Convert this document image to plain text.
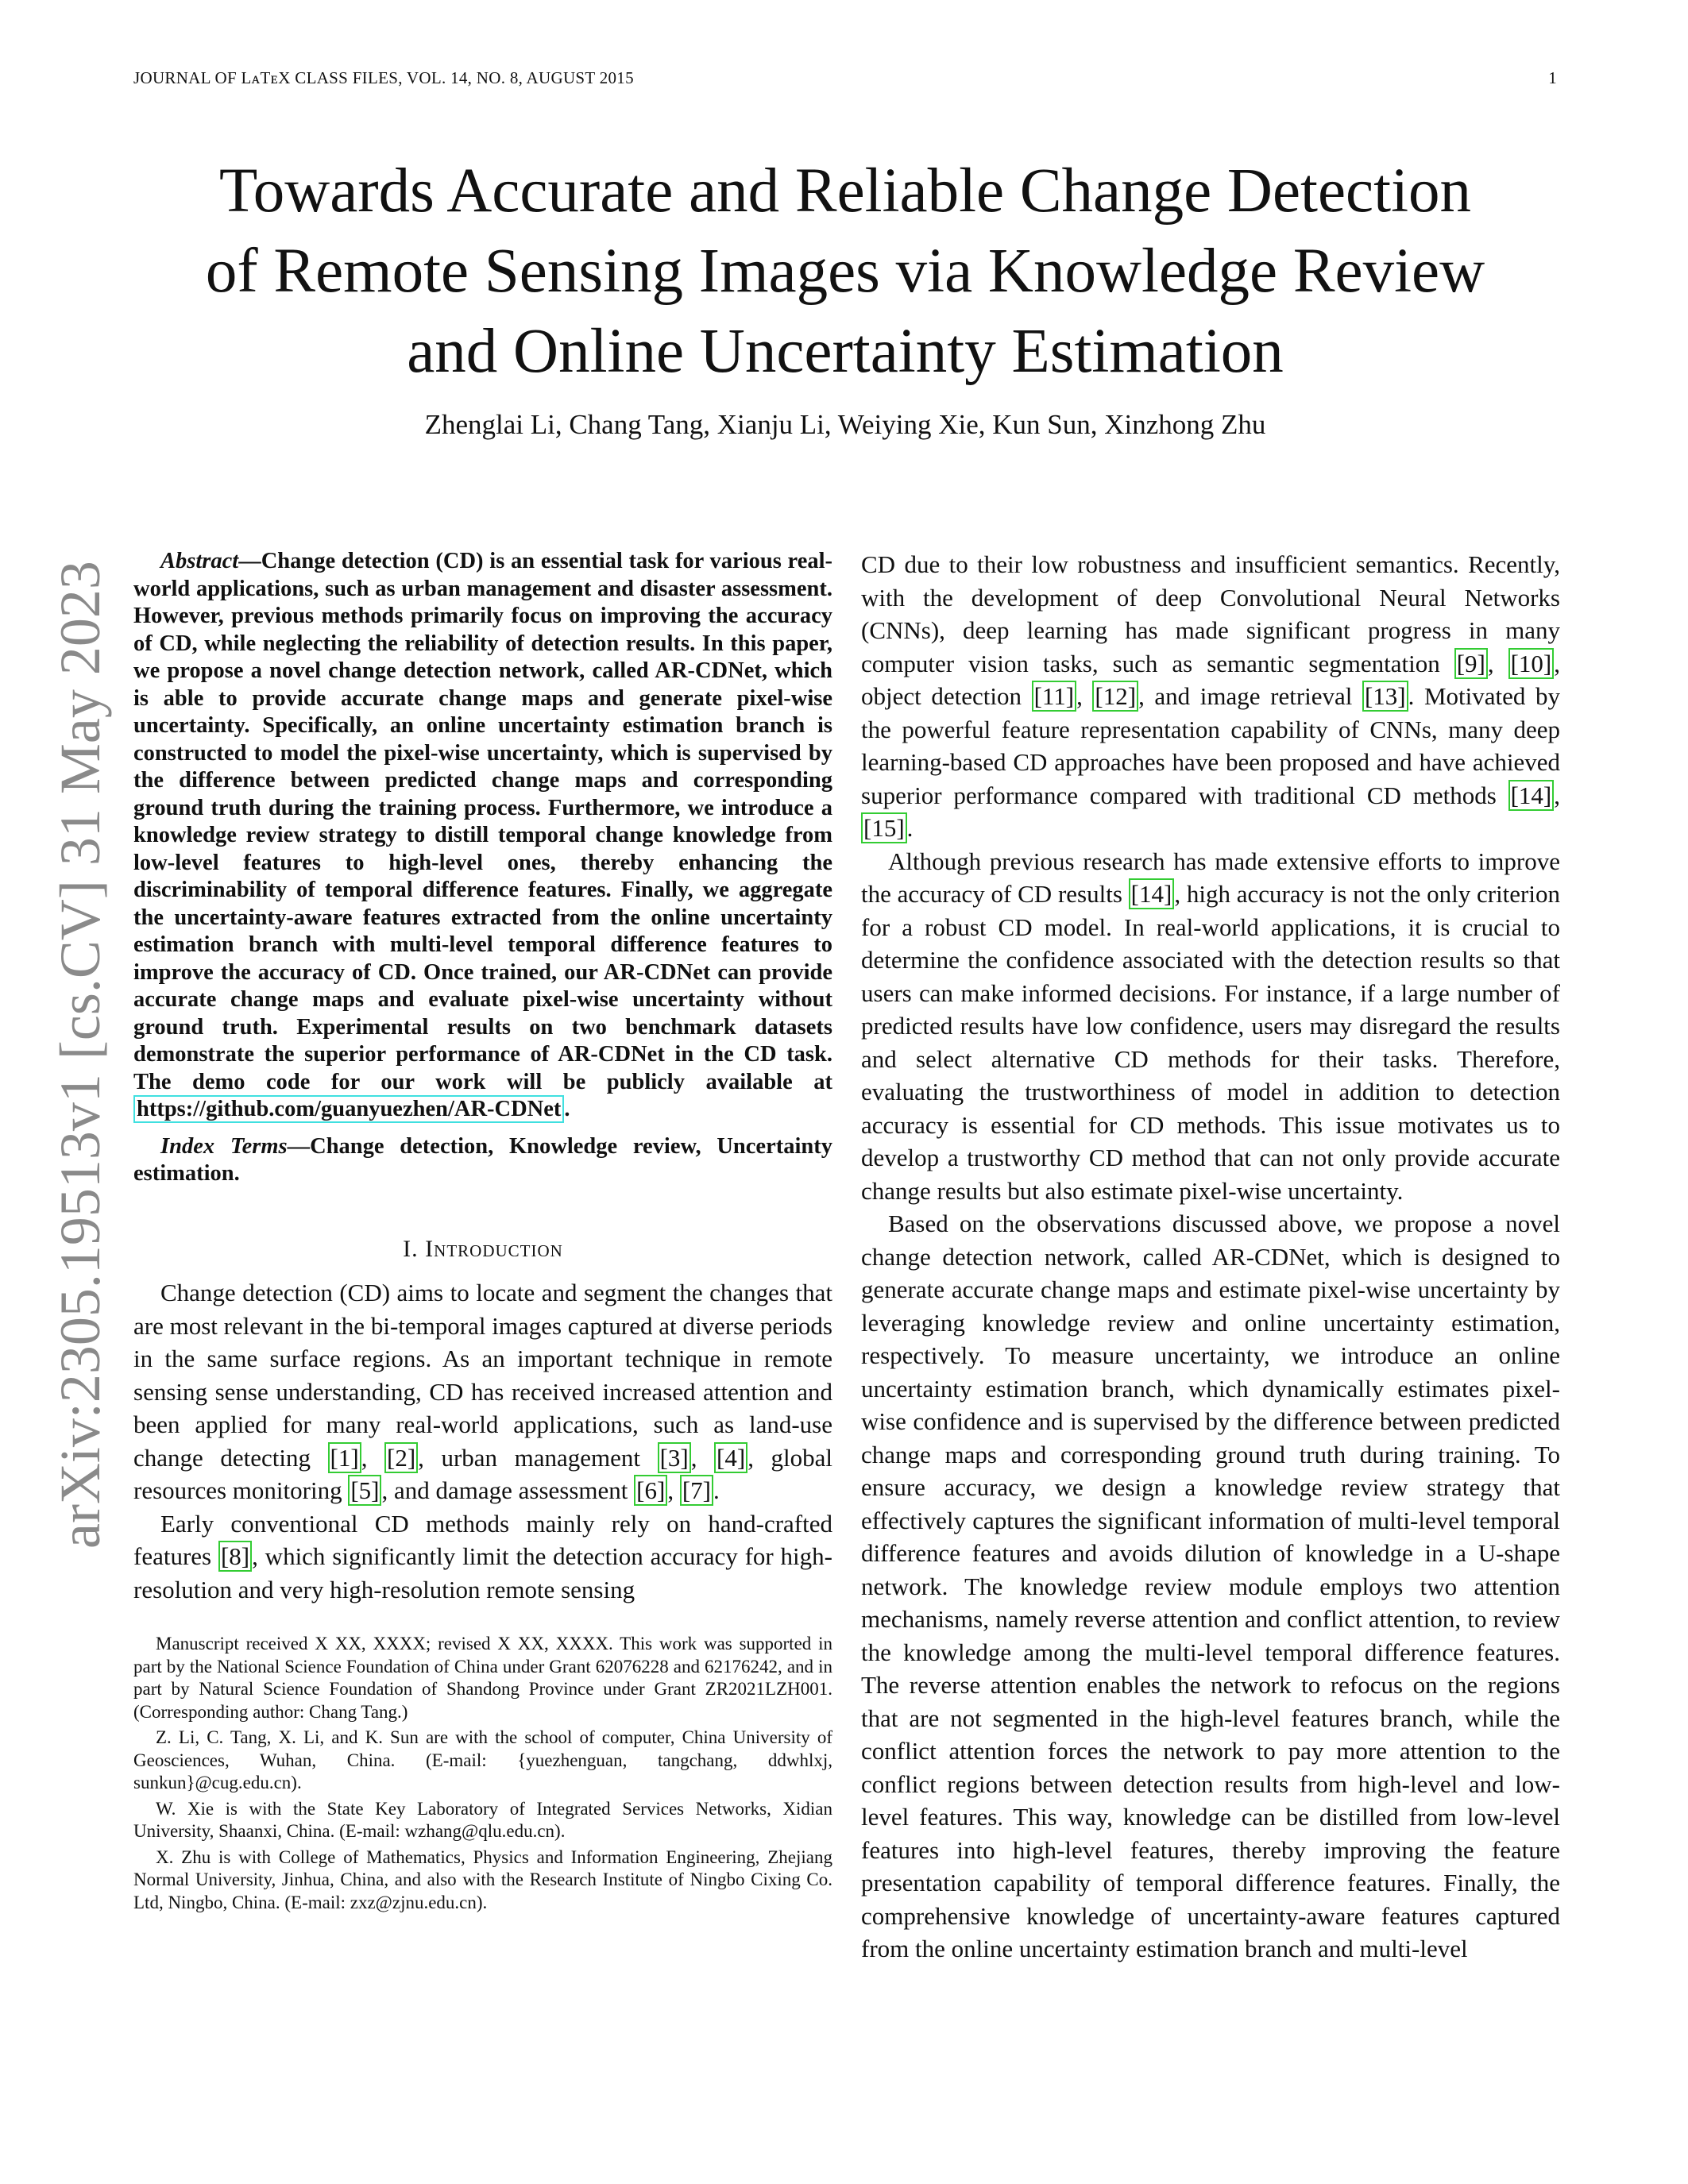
JOURNAL OF LᴀTᴇX CLASS FILES, VOL. 14, NO. 8, AUGUST 2015	1
arXiv:2305.19513v1 [cs.CV] 31 May 2023
Towards Accurate and Reliable Change Detection
of Remote Sensing Images via Knowledge Review
and Online Uncertainty Estimation
Zhenglai Li, Chang Tang, Xianju Li, Weiying Xie, Kun Sun, Xinzhong Zhu
Abstract—Change detection (CD) is an essential task for various real-world applications, such as urban management and disaster assessment. However, previous methods primarily focus on improving the accuracy of CD, while neglecting the reliability of detection results. In this paper, we propose a novel change detection network, called AR-CDNet, which is able to provide accurate change maps and generate pixel-wise uncertainty. Specifically, an online uncertainty estimation branch is constructed to model the pixel-wise uncertainty, which is supervised by the difference between predicted change maps and corresponding ground truth during the training process. Furthermore, we introduce a knowledge review strategy to distill temporal change knowledge from low-level features to high-level ones, thereby enhancing the discriminability of temporal difference features. Finally, we aggregate the uncertainty-aware features extracted from the online uncertainty estimation branch with multi-level temporal difference features to improve the accuracy of CD. Once trained, our AR-CDNet can provide accurate change maps and evaluate pixel-wise uncertainty without ground truth. Experimental results on two benchmark datasets demonstrate the superior performance of AR-CDNet in the CD task. The demo code for our work will be publicly available at https://github.com/guanyuezhen/AR-CDNet .
Index Terms—Change detection, Knowledge review, Uncertainty estimation.
I. Introduction

Change detection (CD) aims to locate and segment the changes that are most relevant in the bi-temporal images captured at diverse periods in the same surface regions. As an important technique in remote sensing sense understanding, CD has received increased attention and been applied for many real-world applications, such as land-use change detecting [1], [2], urban management [3], [4], global resources monitoring [5], and damage assessment [6], [7].

Early conventional CD methods mainly rely on hand-crafted features [8], which significantly limit the detection accuracy for high-resolution and very high-resolution remote sensing

Manuscript received X XX, XXXX; revised X XX, XXXX. This work was supported in part by the National Science Foundation of China under Grant 62076228 and 62176242, and in part by Natural Science Foundation of Shandong Province under Grant ZR2021LZH001. (Corresponding author: Chang Tang.)

Z. Li, C. Tang, X. Li, and K. Sun are with the school of computer, China University of Geosciences, Wuhan, China. (E-mail: {yuezhenguan, tangchang, ddwhlxj, sunkun}@cug.edu.cn).

W. Xie is with the State Key Laboratory of Integrated Services Networks, Xidian University, Shaanxi, China. (E-mail: wzhang@qlu.edu.cn).

X. Zhu is with College of Mathematics, Physics and Information Engineering, Zhejiang Normal University, Jinhua, China, and also with the Research Institute of Ningbo Cixing Co. Ltd, Ningbo, China. (E-mail: zxz@zjnu.edu.cn).

CD due to their low robustness and insufficient semantics. Recently, with the development of deep Convolutional Neural Networks (CNNs), deep learning has made significant progress in many computer vision tasks, such as semantic segmentation [9], [10], object detection [11], [12], and image retrieval [13]. Motivated by the powerful feature representation capability of CNNs, many deep learning-based CD approaches have been proposed and have achieved superior performance compared with traditional CD methods [14], [15].

Although previous research has made extensive efforts to improve the accuracy of CD results [14], high accuracy is not the only criterion for a robust CD model. In real-world applications, it is crucial to determine the confidence associated with the detection results so that users can make informed decisions. For instance, if a large number of predicted results have low confidence, users may disregard the results and select alternative CD methods for their tasks. Therefore, evaluating the trustworthiness of model in addition to detection accuracy is essential for CD methods. This issue motivates us to develop a trustworthy CD method that can not only provide accurate change results but also estimate pixel-wise uncertainty.

Based on the observations discussed above, we propose a novel change detection network, called AR-CDNet, which is designed to generate accurate change maps and estimate pixel-wise uncertainty by leveraging knowledge review and online uncertainty estimation, respectively. To measure uncertainty, we introduce an online uncertainty estimation branch, which dynamically estimates pixel-wise confidence and is supervised by the difference between predicted change maps and corresponding ground truth during training. To ensure accuracy, we design a knowledge review strategy that effectively captures the significant information of multi-level temporal difference features and avoids dilution of knowledge in a U-shape network. The knowledge review module employs two attention mechanisms, namely reverse attention and conflict attention, to review the knowledge among the multi-level temporal difference features. The reverse attention enables the network to refocus on the regions that are not segmented in the high-level features branch, while the conflict attention forces the network to pay more attention to the conflict regions between detection results from high-level and low-level features. This way, knowledge can be distilled from low-level features into high-level features, thereby improving the feature presentation capability of temporal difference features. Finally, the comprehensive knowledge of uncertainty-aware features captured from the online uncertainty estimation branch and multi-level
